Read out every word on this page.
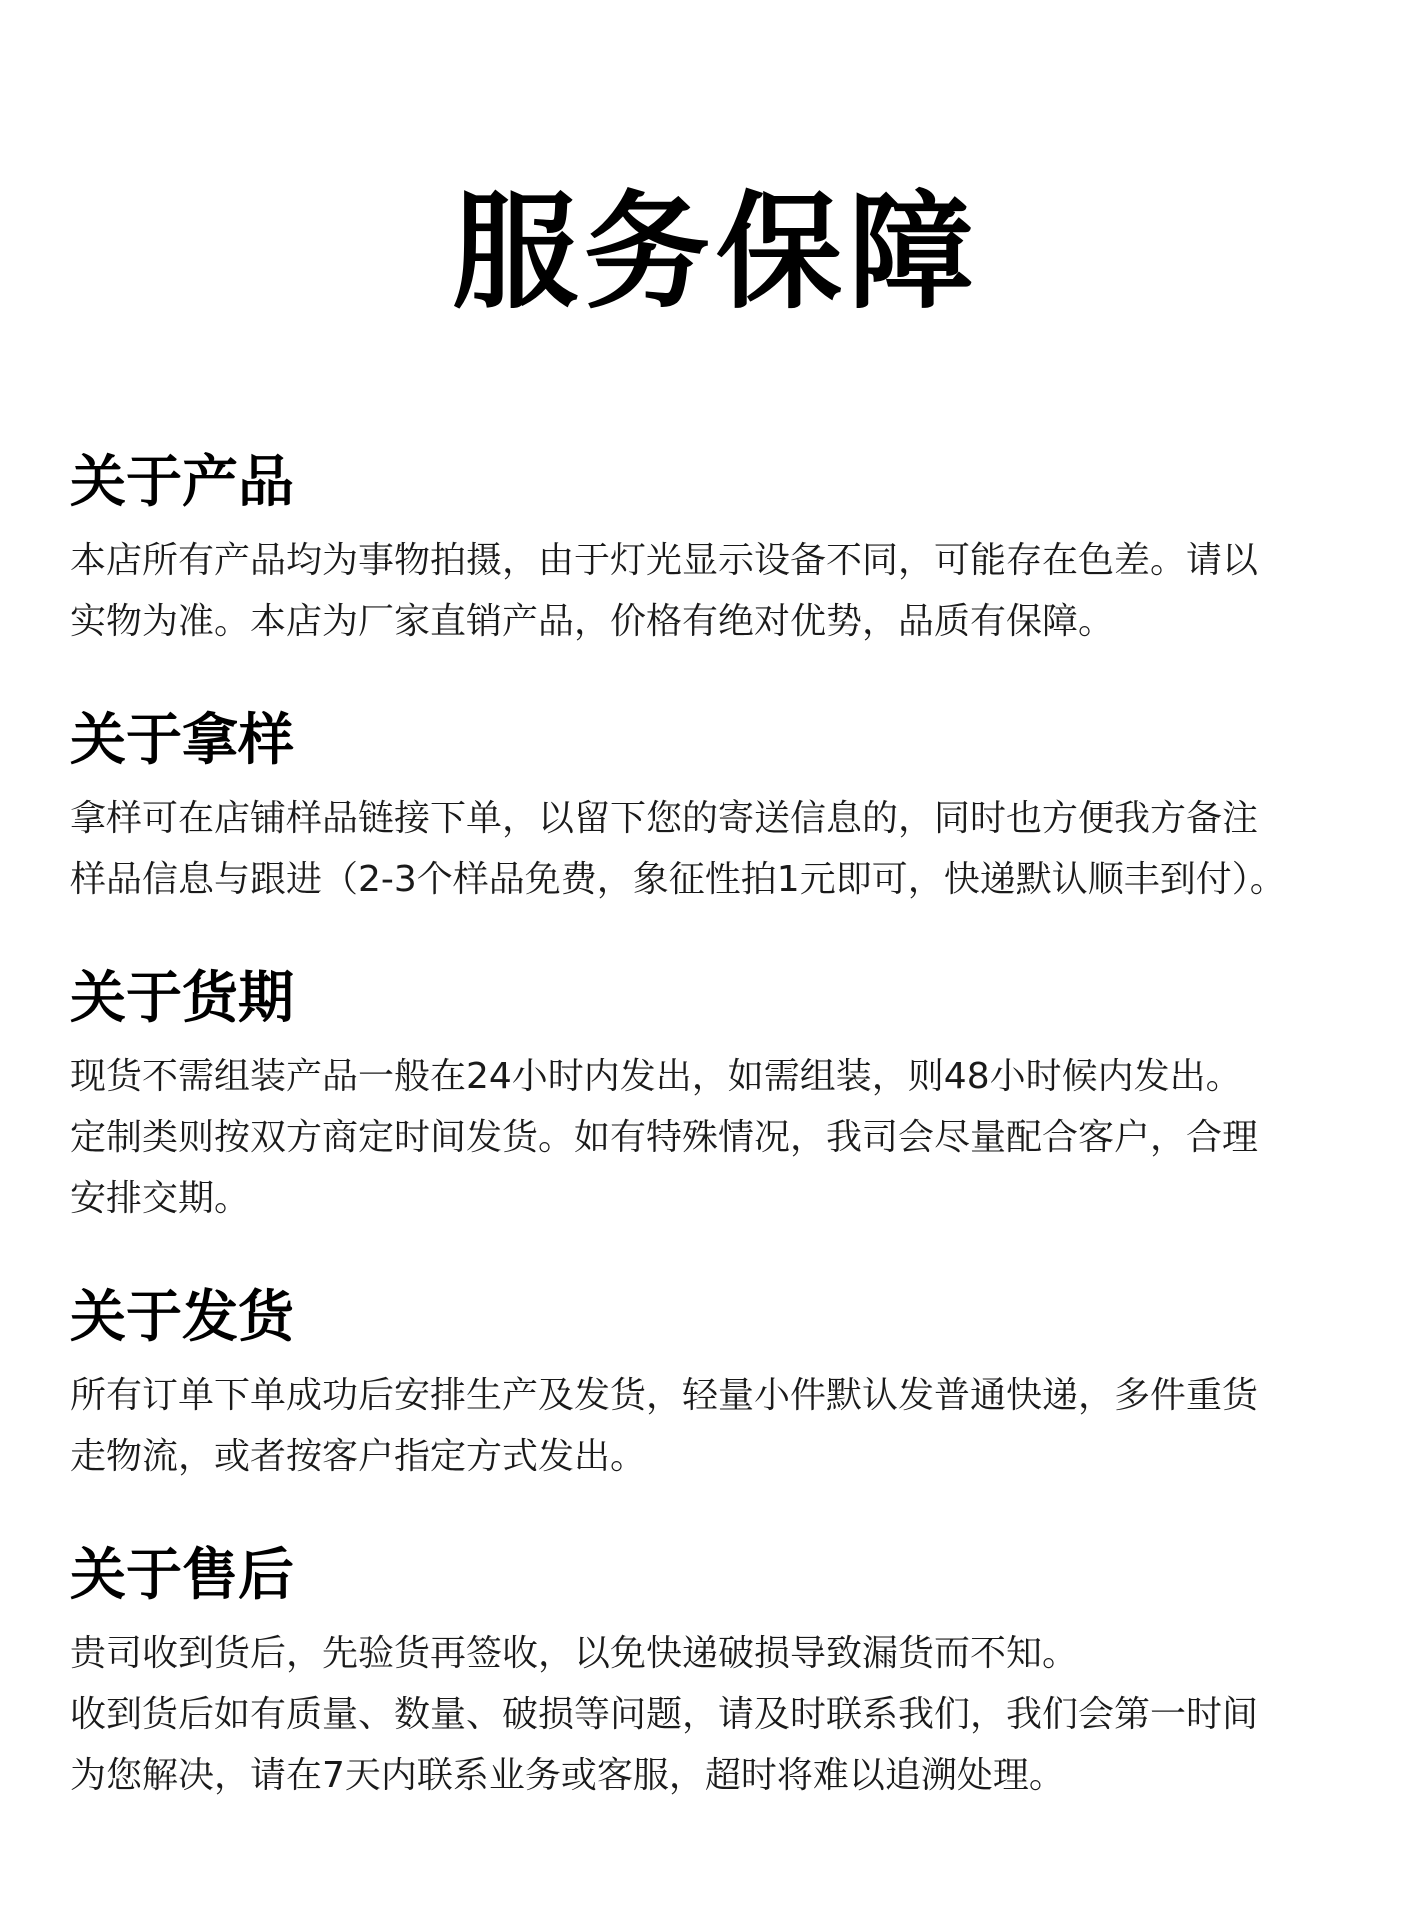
服务保障
关于产品

本店所有产品均为事物拍摄，由于灯光显示设备不同，可能存在色差。请以

实物为准。本店为厂家直销产品，价格有绝对优势，品质有保障。

关于拿样

拿样可在店铺样品链接下单，以留下您的寄送信息的，同时也方便我方备注

样品信息与跟进（2-3个样品免费，象征性拍1元即可，快递默认顺丰到付）。

关于货期

现货不需组装产品一般在24小时内发出，如需组装，则48小时候内发出。

定制类则按双方商定时间发货。如有特殊情况，我司会尽量配合客户，合理

安排交期。

关于发货

所有订单下单成功后安排生产及发货，轻量小件默认发普通快递，多件重货

走物流，或者按客户指定方式发出。

关于售后

贵司收到货后，先验货再签收，以免快递破损导致漏货而不知。

收到货后如有质量、数量、破损等问题，请及时联系我们，我们会第一时间

为您解决，请在7天内联系业务或客服，超时将难以追溯处理。
